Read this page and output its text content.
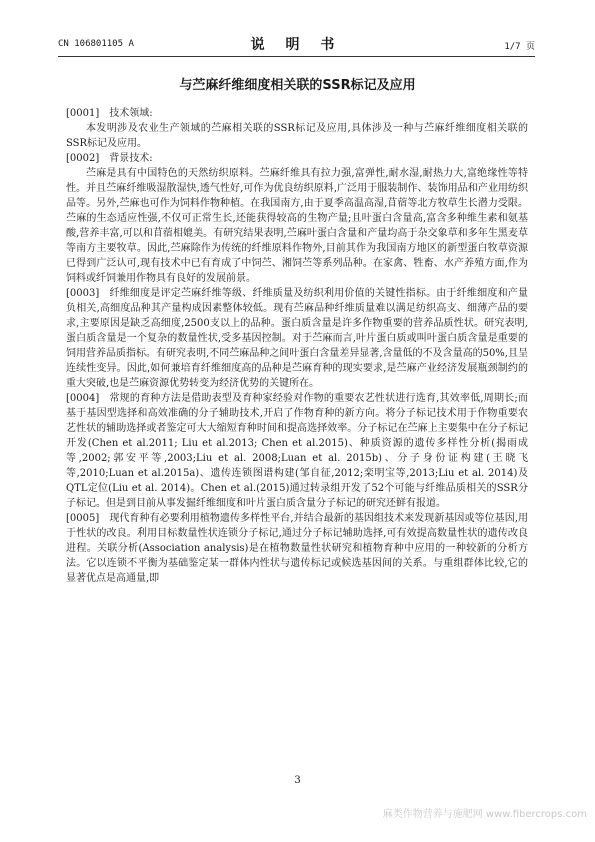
CN 106801105 A	说 明 书	1/7 页
与苎麻纤维细度相关联的SSR标记及应用

[0001] 技术领域:

本发明涉及农业生产领域的苎麻相关联的SSR标记及应用,具体涉及一种与苎麻纤维细度相关联的SSR标记及应用。

[0002] 背景技术:

苎麻是具有中国特色的天然纺织原料。苎麻纤维具有拉力强,富弹性,耐水湿,耐热力大,富绝缘性等特性。并且苎麻纤维吸湿散湿快,透气性好,可作为优良纺织原料,广泛用于服装制作、装饰用品和产业用纺织品等。另外,苎麻也可作为饲料作物种植。在我国南方,由于夏季高温高湿,苜蓿等北方牧草生长潜力受限。苎麻的生态适应性强,不仅可正常生长,还能获得较高的生物产量;且叶蛋白含量高,富含多种维生素和氨基酸,营养丰富,可以和苜蓿相媲美。有研究结果表明,苎麻叶蛋白含量和产量均高于杂交象草和多年生黑麦草等南方主要牧草。因此,苎麻除作为传统的纤维原料作物外,目前其作为我国南方地区的新型蛋白牧草资源已得到广泛认可,现有技术中已有育成了中饲苎、湘饲苎等系列品种。在家禽、牲畜、水产养殖方面,作为饲料或纤饲兼用作物具有良好的发展前景。

[0003] 纤维细度是评定苎麻纤维等级、纤维质量及纺织利用价值的关键性指标。由于纤维细度和产量负相关,高细度品种其产量构成因素整体较低。现有苎麻品种纤维质量难以满足纺织高支、细薄产品的要求,主要原因是缺乏高细度,2500支以上的品种。蛋白质含量是许多作物重要的营养品质性状。研究表明,蛋白质含量是一个复杂的数量性状,受多基因控制。对于苎麻而言,叶片蛋白质或叫叶蛋白质含量是重要的饲用营养品质指标。有研究表明,不同苎麻品种之间叶蛋白含量差异显著,含量低的不及含量高的50%,且呈连续性变异。因此,如何兼培育纤维细度高的品种是苎麻育种的现实要求,是苎麻产业经济发展瓶颈制约的重大突破,也是苎麻资源优势转变为经济优势的关键所在。

[0004] 常规的育种方法是借助表型及育种家经验对作物的重要农艺性状进行选育,其效率低,周期长;而基于基因型选择和高效准确的分子辅助技术,开启了作物育种的新方向。将分子标记技术用于作物重要农艺性状的辅助选择或者鉴定可大大缩短育种时间和提高选择效率。分子标记在苎麻上主要集中在分子标记开发(Chen et al.2011; Liu et al.2013; Chen et al.2015)、种质资源的遗传多样性分析(揭雨成等,2002;郭安平等,2003;Liu et al. 2008;Luan et al. 2015b)、分子身份证构建(王晓飞等,2010;Luan et al.2015a)、遗传连锁图谱构建(邹自征,2012;栾明宝等,2013;Liu et al. 2014)及QTL定位(Liu et al. 2014)。Chen et al.(2015)通过转录组开发了52个可能与纤维品质相关的SSR分子标记。但是到目前从事发掘纤维细度和叶片蛋白质含量分子标记的研究还鲜有报道。

[0005] 现代育种有必要利用植物遗传多样性平台,并结合最新的基因组技术来发现新基因或等位基因,用于性状的改良。利用目标数量性状连锁分子标记,通过分子标记辅助选择,可有效提高数量性状的遗传改良进程。关联分析(Association analysis)是在植物数量性状研究和植物育种中应用的一种较新的分析方法。它以连锁不平衡为基础鉴定某一群体内性状与遗传标记或候选基因间的关系。与重组群体比较,它的显著优点是高通量,即

3
麻类作物营养与施肥网 www.fibercrops.com
